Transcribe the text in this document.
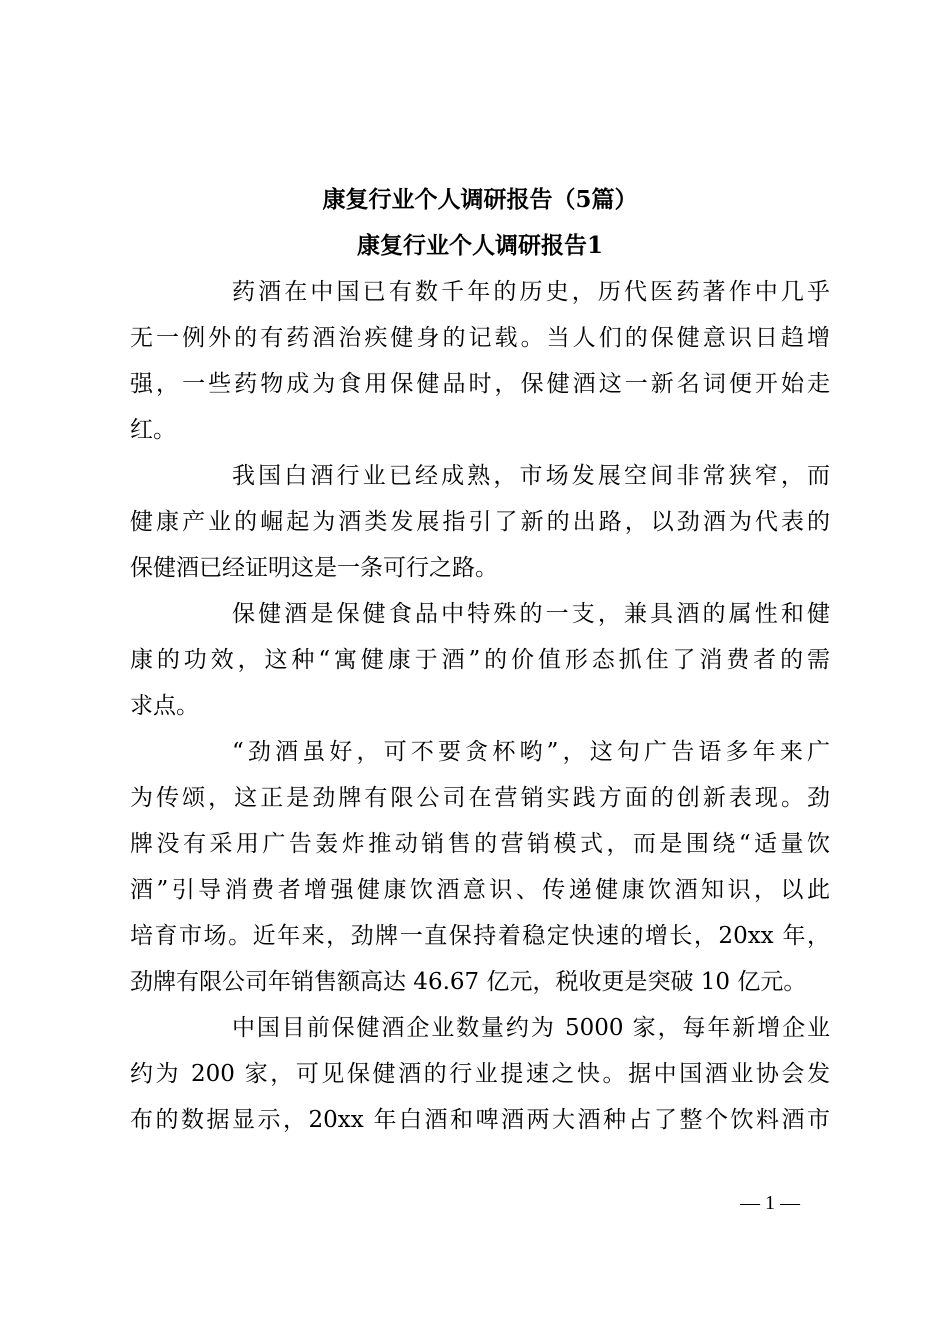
康复行业个人调研报告（5篇）
康复行业个人调研报告1
药酒在中国已有数千年的历史，历代医药著作中几乎
无一例外的有药酒治疾健身的记载。当人们的保健意识日趋增
强，一些药物成为食用保健品时，保健酒这一新名词便开始走
红。
我国白酒行业已经成熟，市场发展空间非常狭窄，而
健康产业的崛起为酒类发展指引了新的出路，以劲酒为代表的
保健酒已经证明这是一条可行之路。
保健酒是保健食品中特殊的一支，兼具酒的属性和健
康的功效，这种“寓健康于酒”的价值形态抓住了消费者的需
求点。
“劲酒虽好，可不要贪杯哟”，这句广告语多年来广
为传颂，这正是劲牌有限公司在营销实践方面的创新表现。劲
牌没有采用广告轰炸推动销售的营销模式，而是围绕“适量饮
酒”引导消费者增强健康饮酒意识、传递健康饮酒知识，以此
培育市场。近年来，劲牌一直保持着稳定快速的增长，20xx 年，
劲牌有限公司年销售额高达 46.67 亿元，税收更是突破 10 亿元。
中国目前保健酒企业数量约为 5000 家，每年新增企业
约为 200 家，可见保健酒的行业提速之快。据中国酒业协会发
布的数据显示，20xx 年白酒和啤酒两大酒种占了整个饮料酒市
— 1 —
